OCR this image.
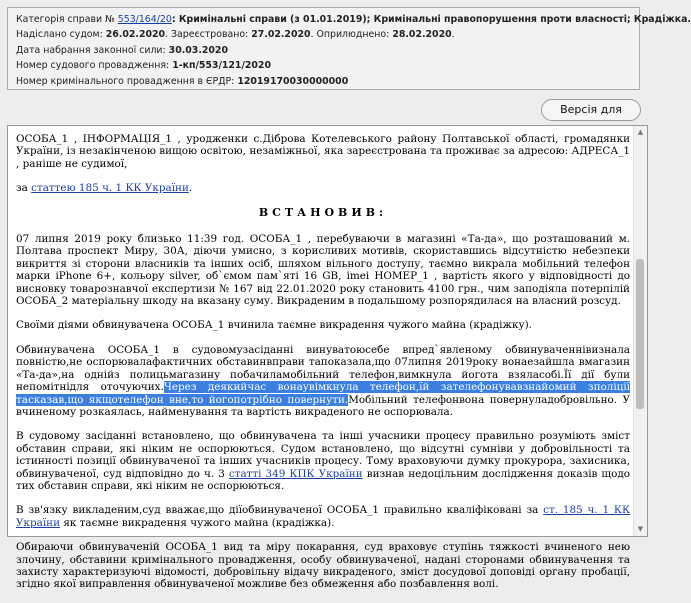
Категорія справи № 553/164/20: Кримінальні справи (з 01.01.2019); Кримінальні правопорушення проти власності; Крадіжка.
Надіслано судом: 26.02.2020. Зареєстровано: 27.02.2020. Оприлюднено: 28.02.2020.
Дата набрання законної сили: 30.03.2020
Номер судового провадження: 1-кп/553/121/2020
Номер кримінального провадження в ЄРДР: 12019170030000000
Версія для

ОСОБА_1 , ІНФОРМАЦІЯ_1 , уродженки с.Діброва Котелевського району Полтавської області, громадянки України, із незакінченою вищою освітою, незаміжньої, яка зареєстрована та проживає за адресою: АДРЕСА_1 , раніше не судимої,

за статтею 185 ч. 1 КК України.

ВСТАНОВИВ:

07 липня 2019 року близько 11:39 год. ОСОБА_1 , перебуваючи в магазині «Та-да», що розташований м. Полтава проспект Миру, 30А, діючи умисно, з корисливих мотивів, скориставшись відсутністю небезпеки викриття зі сторони власників та інших осіб, шляхом вільного доступу, таємно викрала мобільний телефон марки iPhone 6+, кольору silver, об`ємом пам`яті 16 GB, imei НОМЕР_1 , вартість якого у відповідності до висновку товарознавчої експертизи № 167 від 22.01.2020 року становить 4100 грн., чим заподіяла потерпілій ОСОБА_2 матеріальну шкоду на вказану суму. Викраденим в подальшому розпорядилася на власний розсуд.

Своїми діями обвинувачена ОСОБА_1 вчинила таємне викрадення чужого майна (крадіжку).

Обвинувачена ОСОБА_1 в судовомузасіданні винуватоюсебе впред`явленому обвинуваченнівизнала повністю,не оспорювалафактичних обставинвправи тапоказала,що 07липня 2019року вонаезайшла вмагазин «Та-да»,на однійз полицьмагазину побачиламобільний телефон,вимкнула йогота взяласобі.Її дії були непомітнідля оточуючих.Через деякийчас вонаувімкнула телефон,їй зателефонувавзнайомий зполіції тасказав,що якщотелефон вне,то йогопотрібно повернути.Мобільний телефонвона повернуладобровільно. У вчиненому розкаялась, найменування та вартість викраденого не оспорювала.

В судовому засіданні встановлено, що обвинувачена та інші учасники процесу правильно розуміють зміст обставин справи, які ніким не оспорюються. Судом встановлено, що відсутні сумніви у добровільності та істинності позиції обвинуваченої та інших учасників процесу. Тому враховуючи думку прокурора, захисника, обвинуваченої, суд відповідно до ч. 3 статті 349 КПК України визнав недоцільним дослідження доказів щодо тих обставин справи, які ніким не оспорюються.

В зв'язку викладеним,суд вважає,що діїобвинуваченої ОСОБА_1 правильно кваліфіковані за ст. 185 ч. 1 КК України як таємне викрадення чужого майна (крадіжка).

Обираючи обвинуваченій ОСОБА_1 вид та міру покарання, суд враховує ступінь тяжкості вчиненого нею злочину, обставини кримінального провадження, особу обвинуваченої, надані сторонами обвинувачення та захисту характеризуючі відомості, добровільну відачу викраденого, зміст досудової доповіді органу пробації, згідно якої виправлення обвинуваченої можливе без обмеження або позбавлення волі.

▲
▼
